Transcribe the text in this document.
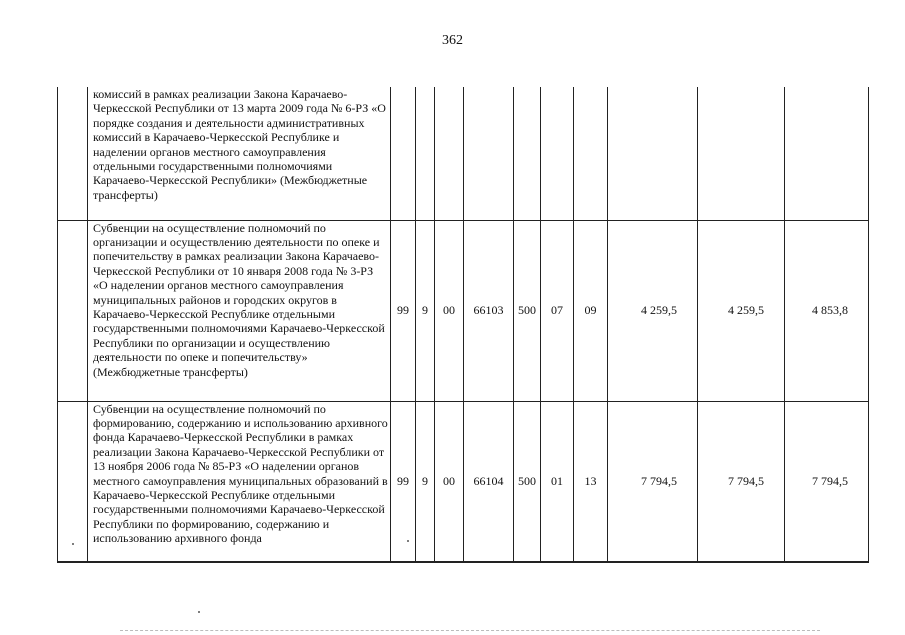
362

	комиссий в рамках реализации Закона Карачаево-Черкесской Республики от 13 марта 2009 года № 6-РЗ «О порядке создания и деятельности административных комиссий в Карачаево-Черкесской Республике и наделении органов местного самоуправления отдельными государственными полномочиями Карачаево-Черкесской Республики» (Межбюджетные трансферты)										

	Субвенции на осуществление полномочий по организации и осуществлению деятельности по опеке и попечительству в рамках реализации Закона Карачаево-Черкесской Республики от 10 января 2008 года № 3-РЗ «О наделении органов местного самоуправления муниципальных районов и городских округов в Карачаево-Черкесской Республике отдельными государственными полномочиями Карачаево-Черкесской Республики по организации и осуществлению деятельности по опеке и попечительству» (Межбюджетные трансферты)	99	9	00	66103	500	07	09	4 259,5	4 259,5	4 853,8

	Субвенции на осуществление полномочий по формированию, содержанию и использованию архивного фонда Карачаево-Черкесской Республики в рамках реализации Закона Карачаево-Черкесской Республики от 13 ноября 2006 года № 85-РЗ «О наделении органов местного самоуправления муниципальных образований в Карачаево-Черкесской Республике отдельными государственными полномочиями Карачаево-Черкесской Республики по формированию, содержанию и использованию архивного фонда	99	9	00	66104	500	01	13	7 794,5	7 794,5	7 794,5
